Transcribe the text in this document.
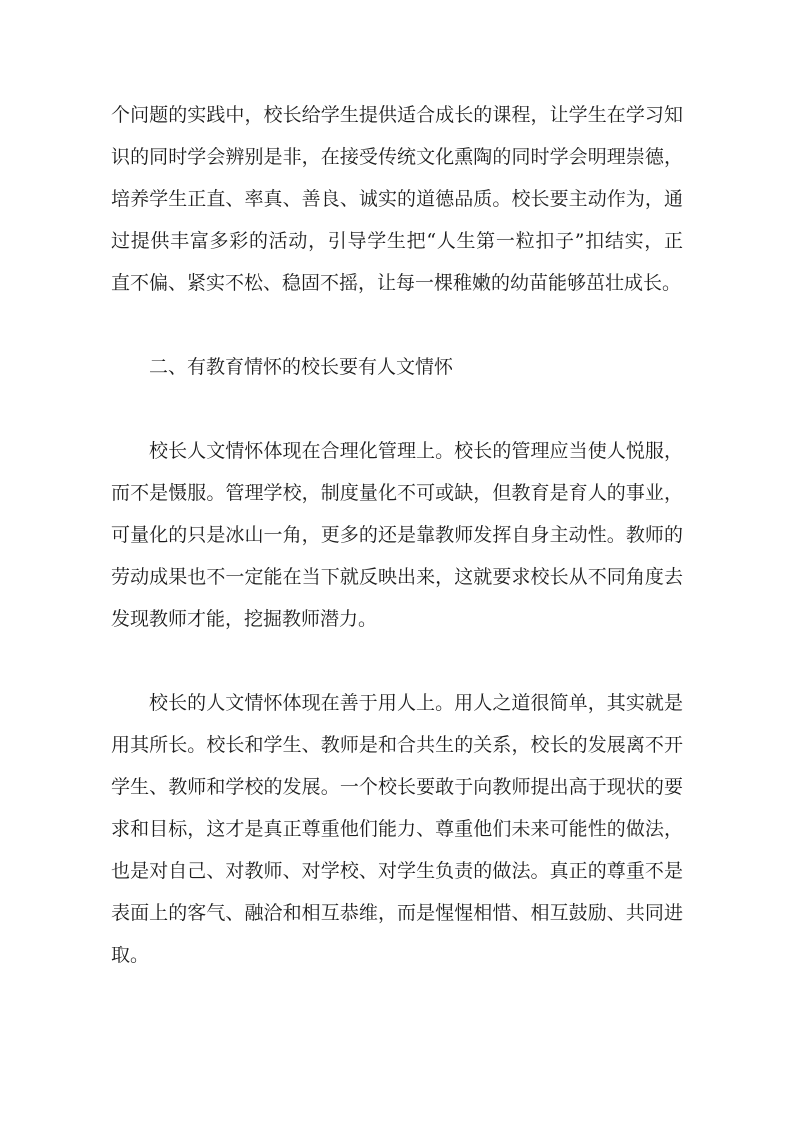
个问题的实践中，校长给学生提供适合成长的课程，让学生在学习知
识的同时学会辨别是非，在接受传统文化熏陶的同时学会明理崇德，
培养学生正直、率真、善良、诚实的道德品质。校长要主动作为，通
过提供丰富多彩的活动，引导学生把“人生第一粒扣子”扣结实，正
直不偏、紧实不松、稳固不摇，让每一棵稚嫩的幼苗能够茁壮成长。
二、有教育情怀的校长要有人文情怀
校长人文情怀体现在合理化管理上。校长的管理应当使人悦服，
而不是慑服。管理学校，制度量化不可或缺，但教育是育人的事业，
可量化的只是冰山一角，更多的还是靠教师发挥自身主动性。教师的
劳动成果也不一定能在当下就反映出来，这就要求校长从不同角度去
发现教师才能，挖掘教师潜力。
校长的人文情怀体现在善于用人上。用人之道很简单，其实就是
用其所长。校长和学生、教师是和合共生的关系，校长的发展离不开
学生、教师和学校的发展。一个校长要敢于向教师提出高于现状的要
求和目标，这才是真正尊重他们能力、尊重他们未来可能性的做法，
也是对自己、对教师、对学校、对学生负责的做法。真正的尊重不是
表面上的客气、融洽和相互恭维，而是惺惺相惜、相互鼓励、共同进
取。
